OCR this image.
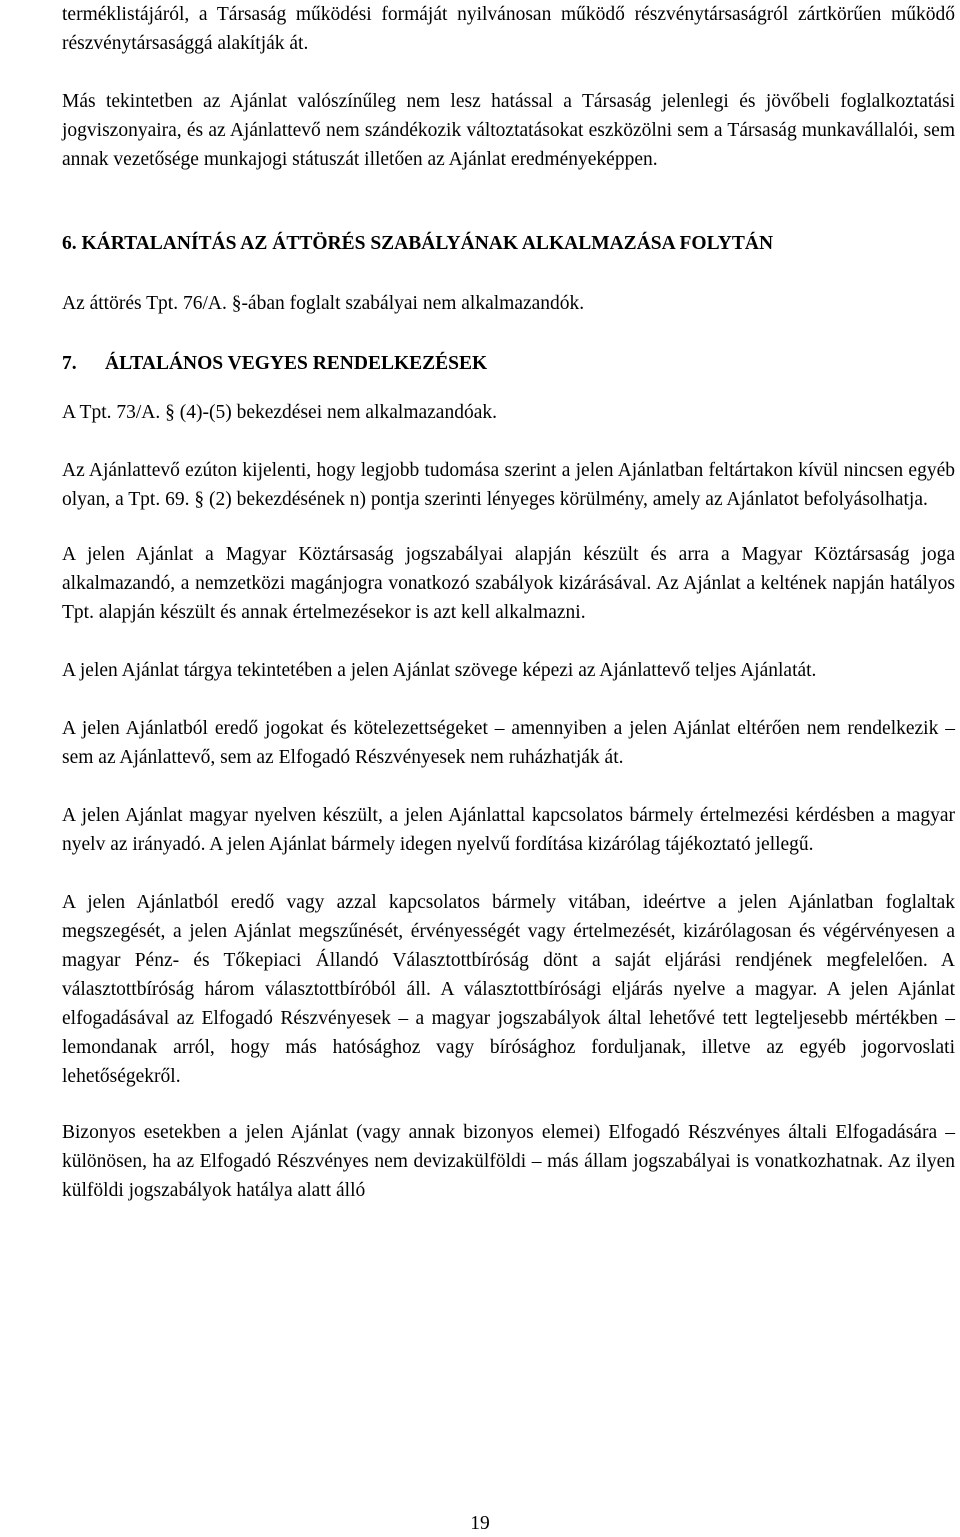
terméklistájáról, a Társaság működési formáját nyilvánosan működő részvénytársaságról zártkörűen működő részvénytársasággá alakítják át.

Más tekintetben az Ajánlat valószínűleg nem lesz hatással a Társaság jelenlegi és jövőbeli foglalkoztatási jogviszonyaira, és az Ajánlattevő nem szándékozik változtatásokat eszközölni sem a Társaság munkavállalói, sem annak vezetősége munkajogi státuszát illetően az Ajánlat eredményeképpen.

6. KÁRTALANÍTÁS AZ ÁTTÖRÉS SZABÁLYÁNAK ALKALMAZÁSA FOLYTÁN

Az áttörés Tpt. 76/A. §-ában foglalt szabályai nem alkalmazandók.

7. ÁLTALÁNOS VEGYES RENDELKEZÉSEK

A Tpt. 73/A. § (4)-(5) bekezdései nem alkalmazandóak.

Az Ajánlattevő ezúton kijelenti, hogy legjobb tudomása szerint a jelen Ajánlatban feltártakon kívül nincsen egyéb olyan, a Tpt. 69. § (2) bekezdésének n) pontja szerinti lényeges körülmény, amely az Ajánlatot befolyásolhatja.

A jelen Ajánlat a Magyar Köztársaság jogszabályai alapján készült és arra a Magyar Köztársaság joga alkalmazandó, a nemzetközi magánjogra vonatkozó szabályok kizárásával. Az Ajánlat a keltének napján hatályos Tpt. alapján készült és annak értelmezésekor is azt kell alkalmazni.

A jelen Ajánlat tárgya tekintetében a jelen Ajánlat szövege képezi az Ajánlattevő teljes Ajánlatát.

A jelen Ajánlatból eredő jogokat és kötelezettségeket – amennyiben a jelen Ajánlat eltérően nem rendelkezik – sem az Ajánlattevő, sem az Elfogadó Részvényesek nem ruházhatják át.

A jelen Ajánlat magyar nyelven készült, a jelen Ajánlattal kapcsolatos bármely értelmezési kérdésben a magyar nyelv az irányadó. A jelen Ajánlat bármely idegen nyelvű fordítása kizárólag tájékoztató jellegű.

A jelen Ajánlatból eredő vagy azzal kapcsolatos bármely vitában, ideértve a jelen Ajánlatban foglaltak megszegését, a jelen Ajánlat megszűnését, érvényességét vagy értelmezését, kizárólagosan és végérvényesen a magyar Pénz- és Tőkepiaci Állandó Választottbíróság dönt a saját eljárási rendjének megfelelően. A választottbíróság három választottbíróból áll. A választottbírósági eljárás nyelve a magyar. A jelen Ajánlat elfogadásával az Elfogadó Részvényesek – a magyar jogszabályok által lehetővé tett legteljesebb mértékben – lemondanak arról, hogy más hatósághoz vagy bírósághoz forduljanak, illetve az egyéb jogorvoslati lehetőségekről.

Bizonyos esetekben a jelen Ajánlat (vagy annak bizonyos elemei) Elfogadó Részvényes általi Elfogadására – különösen, ha az Elfogadó Részvényes nem devizakülföldi – más állam jogszabályai is vonatkozhatnak. Az ilyen külföldi jogszabályok hatálya alatt álló

19
